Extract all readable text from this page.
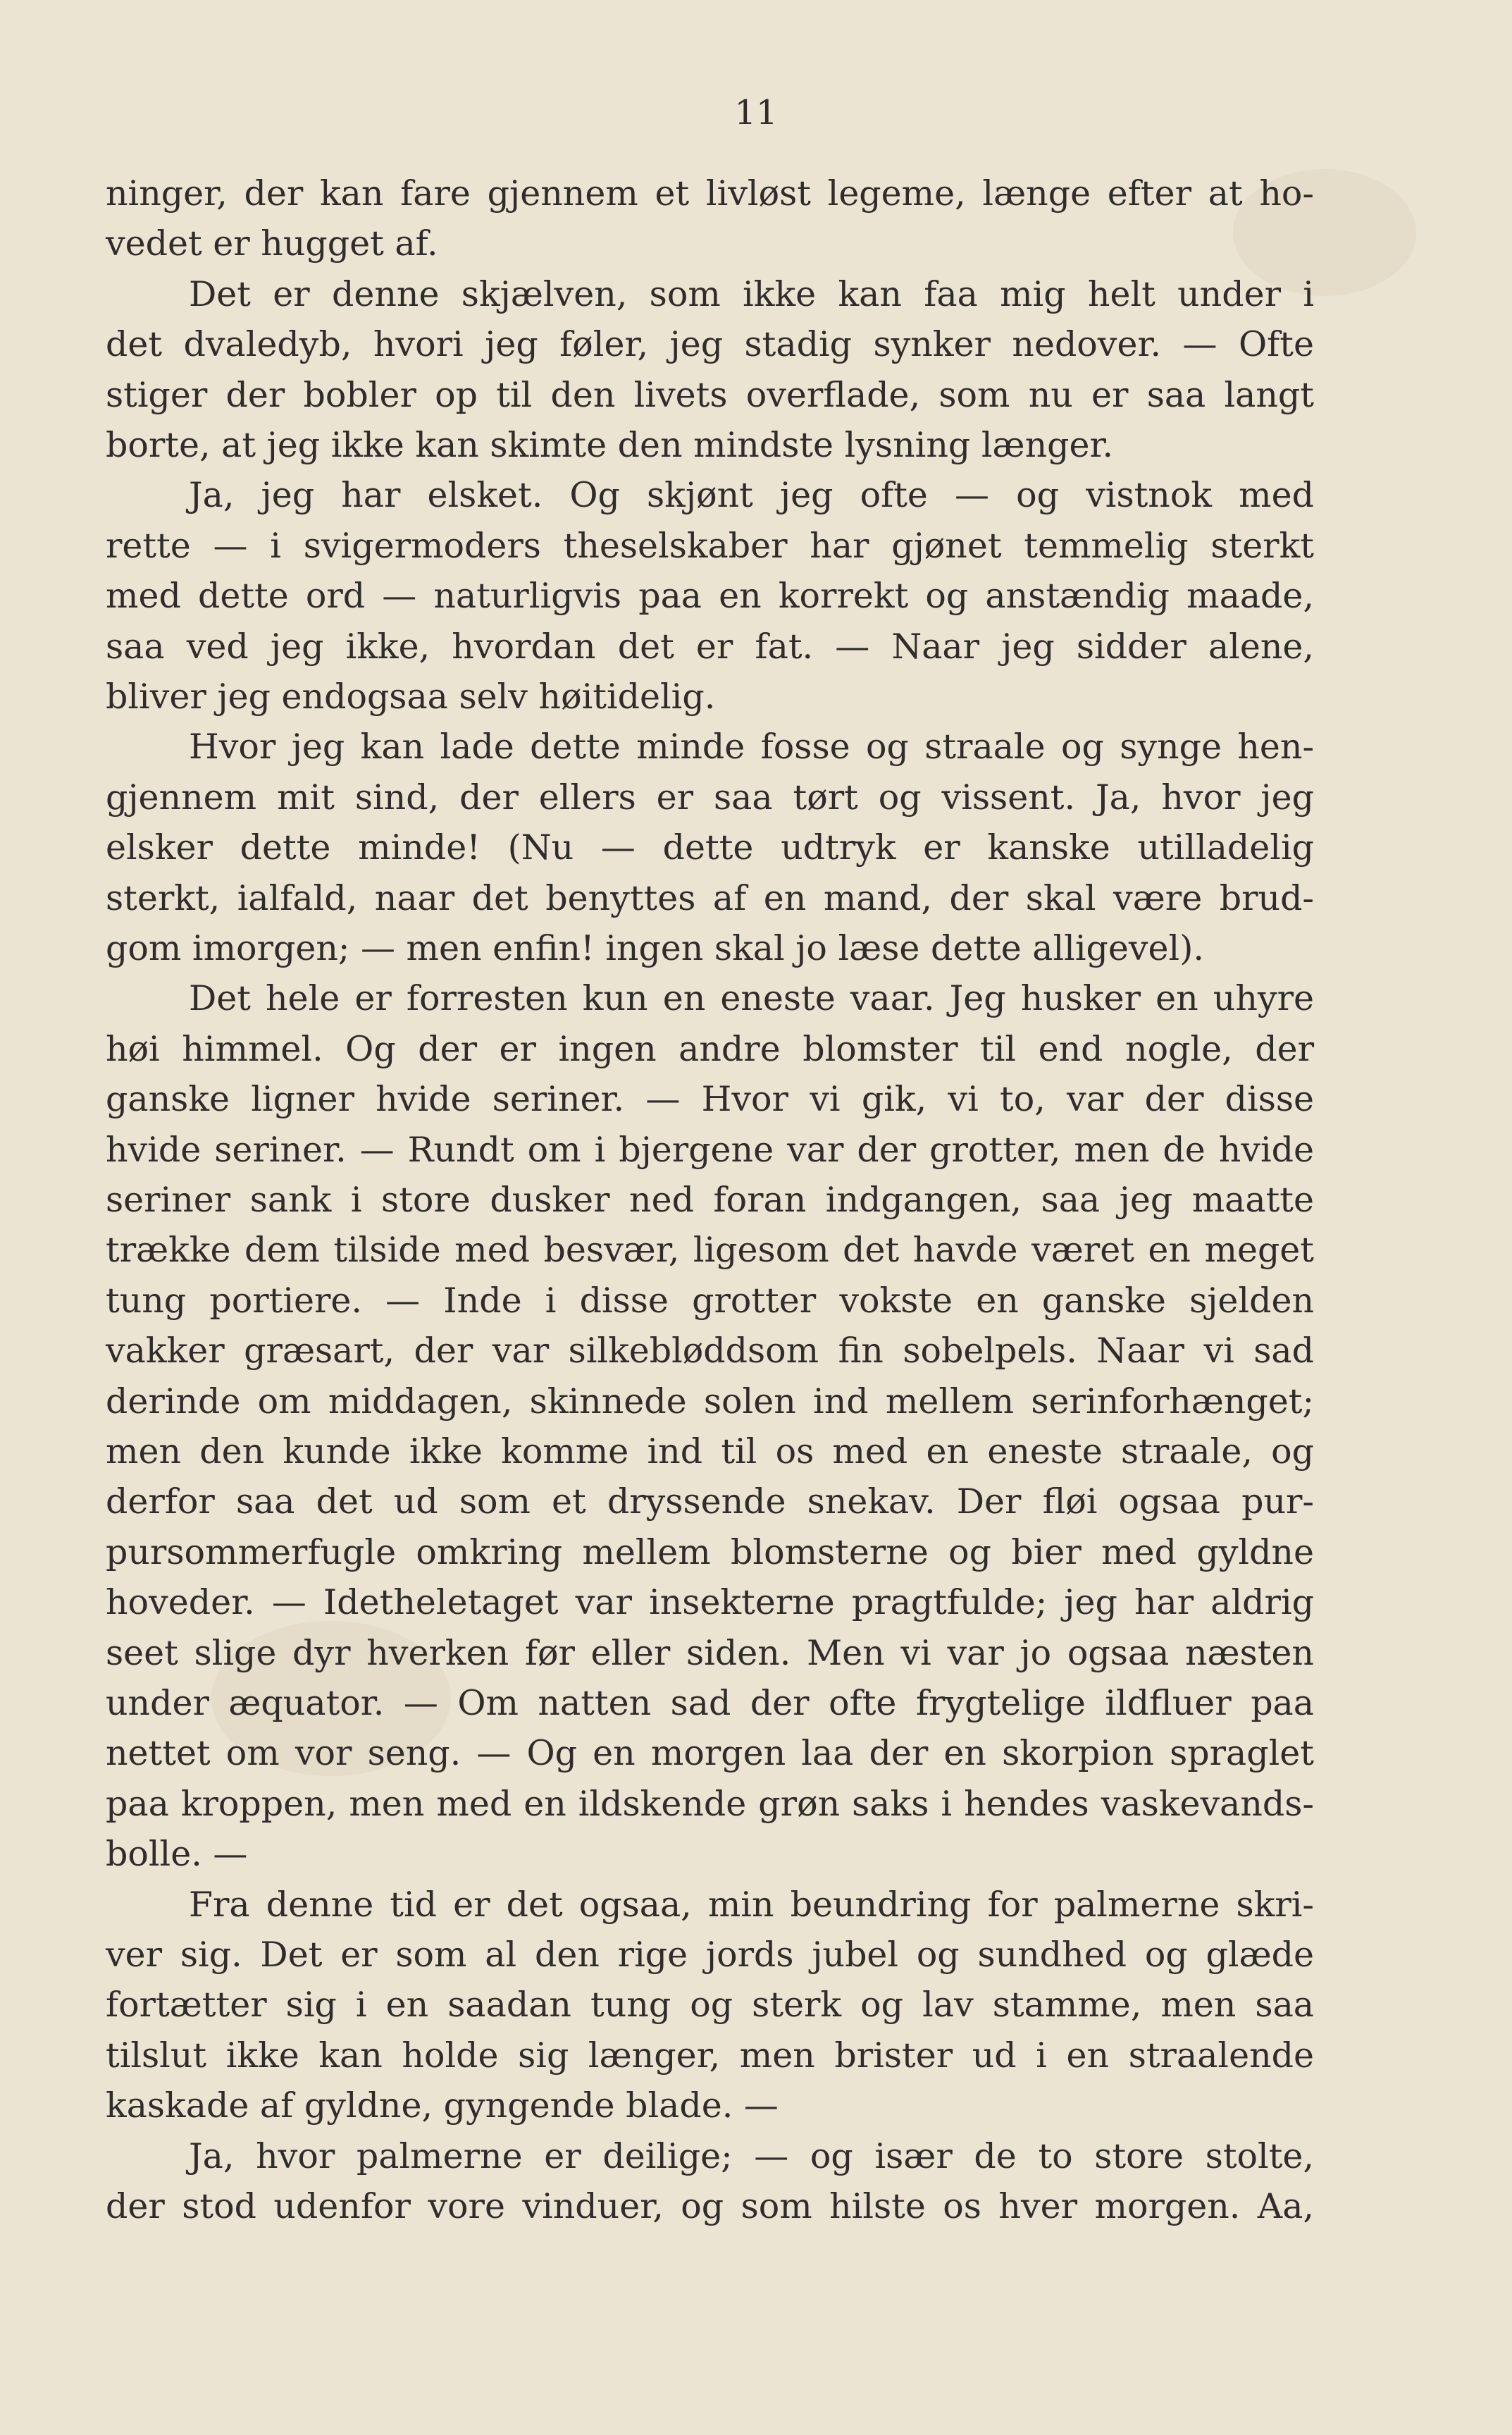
11
ninger, der kan fare gjennem et livløst legeme, længe efter at ho-
vedet er hugget af.
Det er denne skjælven, som ikke kan faa mig helt under i
det dvaledyb, hvori jeg føler, jeg stadig synker nedover. — Ofte
stiger der bobler op til den livets overflade, som nu er saa langt
borte, at jeg ikke kan skimte den mindste lysning længer.
Ja, jeg har elsket. Og skjønt jeg ofte — og vistnok med
rette — i svigermoders theselskaber har gjønet temmelig sterkt
med dette ord — naturligvis paa en korrekt og anstændig maade,
saa ved jeg ikke, hvordan det er fat. — Naar jeg sidder alene,
bliver jeg endogsaa selv høitidelig.
Hvor jeg kan lade dette minde fosse og straale og synge hen-
gjennem mit sind, der ellers er saa tørt og vissent. Ja, hvor jeg
elsker dette minde! (Nu — dette udtryk er kanske utilladelig
sterkt, ialfald, naar det benyttes af en mand, der skal være brud-
gom imorgen; — men enfin! ingen skal jo læse dette alligevel).
Det hele er forresten kun en eneste vaar. Jeg husker en uhyre
høi himmel. Og der er ingen andre blomster til end nogle, der
ganske ligner hvide seriner. — Hvor vi gik, vi to, var der disse
hvide seriner. — Rundt om i bjergene var der grotter, men de hvide
seriner sank i store dusker ned foran indgangen, saa jeg maatte
trække dem tilside med besvær, ligesom det havde været en meget
tung portiere. — Inde i disse grotter vokste en ganske sjelden
vakker græsart, der var silkebløddsom fin sobelpels. Naar vi sad
derinde om middagen, skinnede solen ind mellem serinforhænget;
men den kunde ikke komme ind til os med en eneste straale, og
derfor saa det ud som et dryssende snekav. Der fløi ogsaa pur-
pursommerfugle omkring mellem blomsterne og bier med gyldne
hoveder. — Idetheletaget var insekterne pragtfulde; jeg har aldrig
seet slige dyr hverken før eller siden. Men vi var jo ogsaa næsten
under æquator. — Om natten sad der ofte frygtelige ildfluer paa
nettet om vor seng. — Og en morgen laa der en skorpion spraglet
paa kroppen, men med en ildskende grøn saks i hendes vaskevands-
bolle. —
Fra denne tid er det ogsaa, min beundring for palmerne skri-
ver sig. Det er som al den rige jords jubel og sundhed og glæde
fortætter sig i en saadan tung og sterk og lav stamme, men saa
tilslut ikke kan holde sig længer, men brister ud i en straalende
kaskade af gyldne, gyngende blade. —
Ja, hvor palmerne er deilige; — og især de to store stolte,
der stod udenfor vore vinduer, og som hilste os hver morgen. Aa,
